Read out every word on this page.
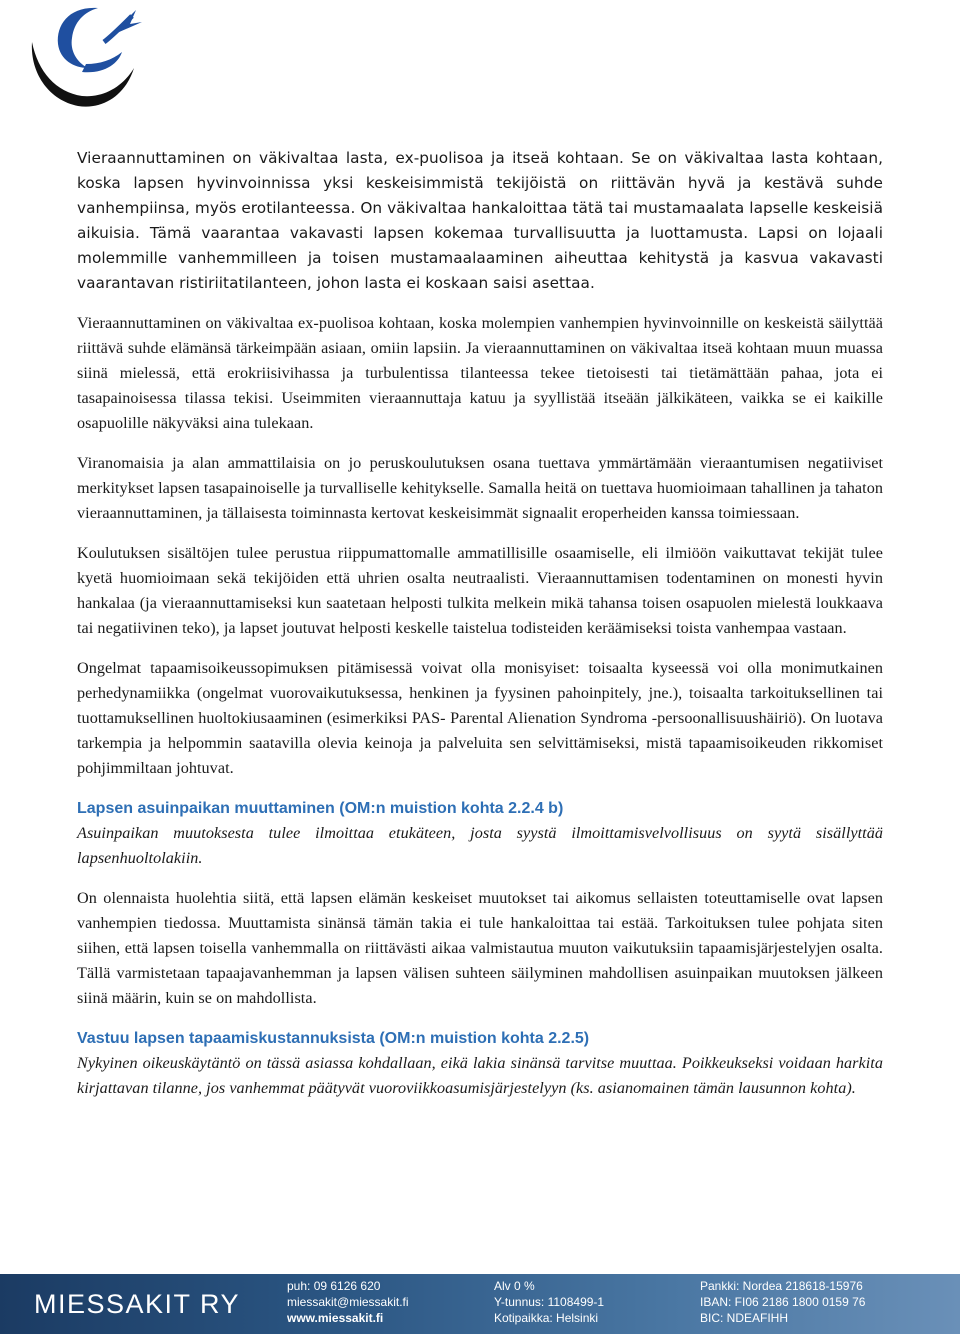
Vieraannuttaminen on väkivaltaa lasta, ex-puolisoa ja itseä kohtaan. Se on väkivaltaa lasta kohtaan, koska lapsen hyvinvoinnissa yksi keskeisimmistä tekijöistä on riittävän hyvä ja kestävä suhde vanhempiinsa, myös erotilanteessa. On väkivaltaa hankaloittaa tätä tai mustamaalata lapselle keskeisiä aikuisia. Tämä vaarantaa vakavasti lapsen kokemaa turvallisuutta ja luottamusta. Lapsi on lojaali molemmille vanhemmilleen ja toisen mustamaalaaminen aiheuttaa kehitystä ja kasvua vakavasti vaarantavan ristiriitatilanteen, johon lasta ei koskaan saisi asettaa.

Vieraannuttaminen on väkivaltaa ex-puolisoa kohtaan, koska molempien vanhempien hyvinvoinnille on keskeistä säilyttää riittävä suhde elämänsä tärkeimpään asiaan, omiin lapsiin. Ja vieraannuttaminen on väkivaltaa itseä kohtaan muun muassa siinä mielessä, että erokriisivihassa ja turbulentissa tilanteessa tekee tietoisesti tai tietämättään pahaa, jota ei tasapainoisessa tilassa tekisi. Useimmiten vieraannuttaja katuu ja syyllistää itseään jälkikäteen, vaikka se ei kaikille osapuolille näkyväksi aina tulekaan.

Viranomaisia ja alan ammattilaisia on jo peruskoulutuksen osana tuettava ymmärtämään vieraantumisen negatiiviset merkitykset lapsen tasapainoiselle ja turvalliselle kehitykselle. Samalla heitä on tuettava huomioimaan tahallinen ja tahaton vieraannuttaminen, ja tällaisesta toiminnasta kertovat keskeisimmät signaalit eroperheiden kanssa toimiessaan.

Koulutuksen sisältöjen tulee perustua riippumattomalle ammatillisille osaamiselle, eli ilmiöön vaikuttavat tekijät tulee kyetä huomioimaan sekä tekijöiden että uhrien osalta neutraalisti. Vieraannuttamisen todentaminen on monesti hyvin hankalaa (ja vieraannuttamiseksi kun saatetaan helposti tulkita melkein mikä tahansa toisen osapuolen mielestä loukkaava tai negatiivinen teko), ja lapset joutuvat helposti keskelle taistelua todisteiden keräämiseksi toista vanhempaa vastaan.

Ongelmat tapaamisoikeussopimuksen pitämisessä voivat olla monisyiset: toisaalta kyseessä voi olla monimutkainen perhedynamiikka (ongelmat vuorovaikutuksessa, henkinen ja fyysinen pahoinpitely, jne.), toisaalta tarkoituksellinen tai tuottamuksellinen huoltokiusaaminen (esimerkiksi PAS- Parental Alienation Syndroma -persoonallisuushäiriö). On luotava tarkempia ja helpommin saatavilla olevia keinoja ja palveluita sen selvittämiseksi, mistä tapaamisoikeuden rikkomiset pohjimmiltaan johtuvat.

Lapsen asuinpaikan muuttaminen (OM:n muistion kohta 2.2.4 b)

Asuinpaikan muutoksesta tulee ilmoittaa etukäteen, josta syystä ilmoittamisvelvollisuus on syytä sisällyttää lapsenhuoltolakiin.

On olennaista huolehtia siitä, että lapsen elämän keskeiset muutokset tai aikomus sellaisten toteuttamiselle ovat lapsen vanhempien tiedossa. Muuttamista sinänsä tämän takia ei tule hankaloittaa tai estää. Tarkoituksen tulee pohjata siten siihen, että lapsen toisella vanhemmalla on riittävästi aikaa valmistautua muuton vaikutuksiin tapaamisjärjestelyjen osalta. Tällä varmistetaan tapaajavanhemman ja lapsen välisen suhteen säilyminen mahdollisen asuinpaikan muutoksen jälkeen siinä määrin, kuin se on mahdollista.

Vastuu lapsen tapaamiskustannuksista (OM:n muistion kohta 2.2.5)

Nykyinen oikeuskäytäntö on tässä asiassa kohdallaan, eikä lakia sinänsä tarvitse muuttaa. Poikkeukseksi voidaan harkita kirjattavan tilanne, jos vanhemmat päätyvät vuoroviikkoasumisjärjestelyyn (ks. asianomainen tämän lausunnon kohta).

MIESSAKIT RY
puh: 09 6126 620
miessakit@miessakit.fi
www.miessakit.fi
Alv 0 %
Y-tunnus: 1108499-1
Kotipaikka: Helsinki
Pankki: Nordea 218618-15976
IBAN: FI06 2186 1800 0159 76
BIC: NDEAFIHH
